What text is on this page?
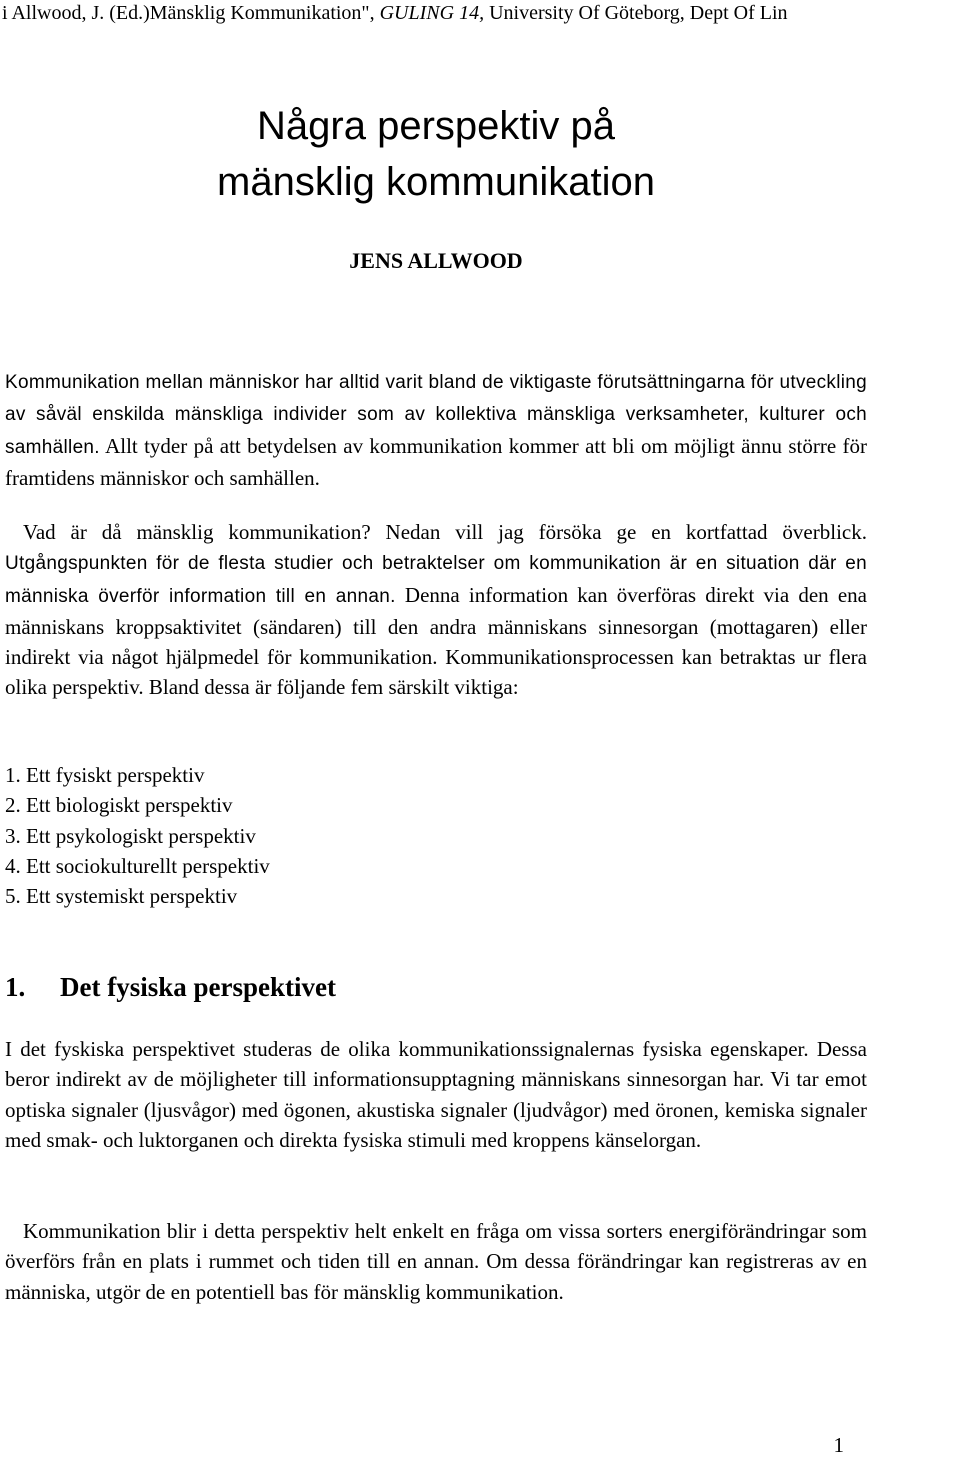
i Allwood, J. (Ed.)Mänsklig Kommunikation", GULING 14, University Of Göteborg, Dept Of Lin
Några perspektiv på
mänsklig kommunikation
JENS ALLWOOD

Kommunikation mellan människor har alltid varit bland de viktigaste förutsättningarna för utveckling av såväl enskilda mänskliga individer som av kollektiva mänskliga verksamheter, kulturer och samhällen. Allt tyder på att betydelsen av kommunikation kommer att bli om möjligt ännu större för framtidens människor och samhällen.

Vad är då mänsklig kommunikation? Nedan vill jag försöka ge en kortfattad överblick. Utgångspunkten för de flesta studier och betraktelser om kommunikation är en situation där en människa överför information till en annan. Denna information kan överföras direkt via den ena människans kroppsaktivitet (sändaren) till den andra människans sinnesorgan (mottagaren) eller indirekt via något hjälpmedel för kommunikation. Kommunikationsprocessen kan betraktas ur flera olika perspektiv. Bland dessa är följande fem särskilt viktiga:

1. Ett fysiskt perspektiv
2. Ett biologiskt perspektiv
3. Ett psykologiskt perspektiv
4. Ett sociokulturellt perspektiv
5. Ett systemiskt perspektiv
1. Det fysiska perspektivet

I det fyskiska perspektivet studeras de olika kommunikationssignalernas fysiska egenskaper. Dessa beror indirekt av de möjligheter till informationsupptagning människans sinnesorgan har. Vi tar emot optiska signaler (ljusvågor) med ögonen, akustiska signaler (ljudvågor) med öronen, kemiska signaler med smak- och luktorganen och direkta fysiska stimuli med kroppens känselorgan.

Kommunikation blir i detta perspektiv helt enkelt en fråga om vissa sorters energiförändringar som överförs från en plats i rummet och tiden till en annan. Om dessa förändringar kan registreras av en människa, utgör de en potentiell bas för mänsklig kommunikation.

1
